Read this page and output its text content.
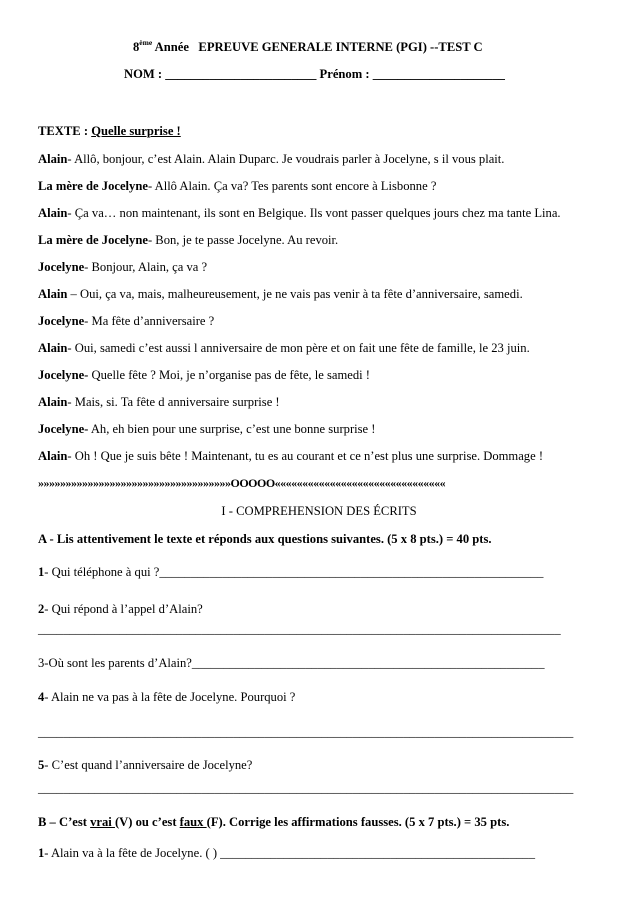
8ème Année EPREUVE GENERALE INTERNE (PGI) --TEST C
NOM : ________________________ Prénom : _____________________
TEXTE : Quelle surprise !
Alain- Allô, bonjour, c’est Alain. Alain Duparc. Je voudrais parler à Jocelyne, s il vous plait.
La mère de Jocelyne- Allô Alain. Ça va? Tes parents sont encore à Lisbonne ?
Alain- Ça va… non maintenant, ils sont en Belgique. Ils vont passer quelques jours chez ma tante Lina.
La mère de Jocelyne- Bon, je te passe Jocelyne. Au revoir.
Jocelyne- Bonjour, Alain, ça va ?
Alain – Oui, ça va, mais, malheureusement, je ne vais pas venir à ta fête d’anniversaire, samedi.
Jocelyne- Ma fête d’anniversaire ?
Alain- Oui, samedi c’est aussi l anniversaire de mon père et on fait une fête de famille, le 23 juin.
Jocelyne- Quelle fête ? Moi, je n’organise pas de fête, le samedi !
Alain- Mais, si. Ta fête d anniversaire surprise !
Jocelyne- Ah, eh bien pour une surprise, c’est une bonne surprise !
Alain- Oh ! Que je suis bête ! Maintenant, tu es au courant et ce n’est plus une surprise. Dommage !
»»»»»»»»»»»»»»»»»»»»»»»»»»»»»»»»»»»OOOOO«««««««««««««««««««««««««««««««
I - COMPREHENSION DES ÉCRITS
A - Lis attentivement le texte et réponds aux questions suivantes. (5 x 8 pts.) = 40 pts.
1- Qui téléphone à qui ?_____________________________________________________________
2- Qui répond à l’appel d’Alain?
___________________________________________________________________________________
3-Où sont les parents d’Alain?________________________________________________________
4- Alain ne va pas à la fête de Jocelyne. Pourquoi ?
_____________________________________________________________________________________
5- C’est quand l’anniversaire de Jocelyne?
_____________________________________________________________________________________
B – C’est vrai (V) ou c’est faux (F). Corrige les affirmations fausses. (5 x 7 pts.) = 35 pts.
1- Alain va à la fête de Jocelyne. ( ) __________________________________________________
